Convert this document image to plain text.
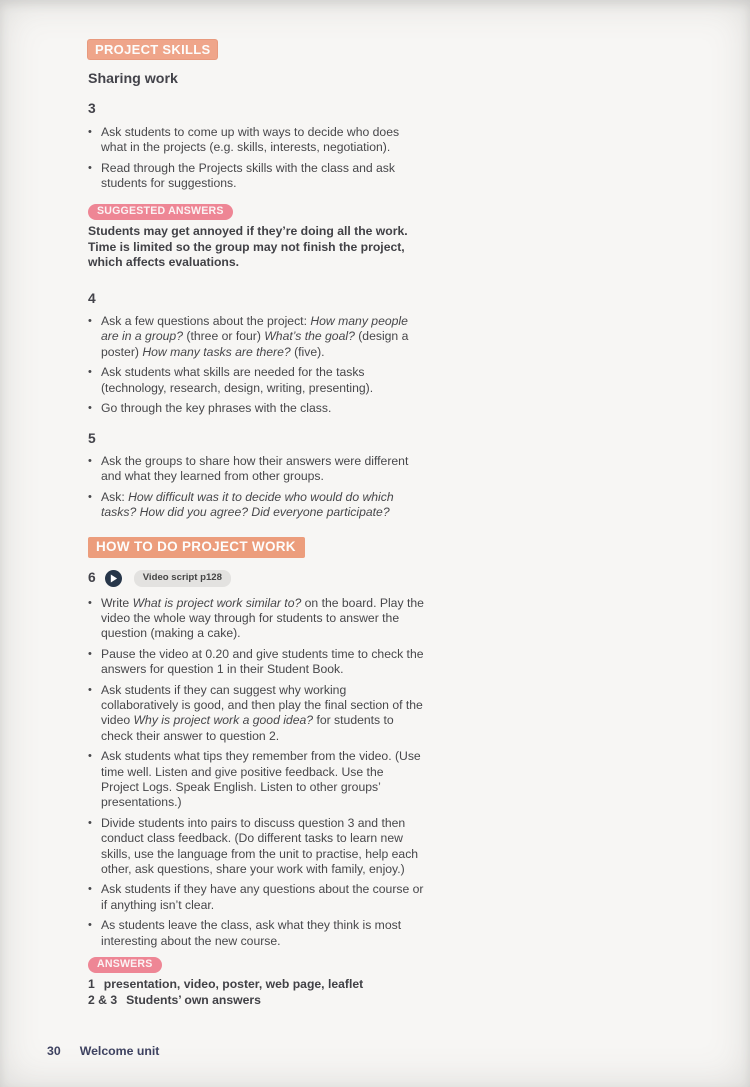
PROJECT SKILLS
Sharing work
3
• Ask students to come up with ways to decide who does what in the projects (e.g. skills, interests, negotiation).
• Read through the Projects skills with the class and ask students for suggestions.
SUGGESTED ANSWERS
Students may get annoyed if they’re doing all the work. Time is limited so the group may not finish the project, which affects evaluations.
4
• Ask a few questions about the project: How many people are in a group? (three or four) What’s the goal? (design a poster) How many tasks are there? (five).
• Ask students what skills are needed for the tasks (technology, research, design, writing, presenting).
• Go through the key phrases with the class.
5
• Ask the groups to share how their answers were different and what they learned from other groups.
• Ask: How difficult was it to decide who would do which tasks? How did you agree? Did everyone participate?
HOW TO DO PROJECT WORK
6	Video script p128
• Write What is project work similar to? on the board. Play the video the whole way through for students to answer the question (making a cake).
• Pause the video at 0.20 and give students time to check the answers for question 1 in their Student Book.
• Ask students if they can suggest why working collaboratively is good, and then play the final section of the video Why is project work a good idea? for students to check their answer to question 2.
• Ask students what tips they remember from the video. (Use time well. Listen and give positive feedback. Use the Project Logs. Speak English. Listen to other groups’ presentations.)
• Divide students into pairs to discuss question 3 and then conduct class feedback. (Do different tasks to learn new skills, use the language from the unit to practise, help each other, ask questions, share your work with family, enjoy.)
• Ask students if they have any questions about the course or if anything isn’t clear.
• As students leave the class, ask what they think is most interesting about the new course.
ANSWERS
1 presentation, video, poster, web page, leaflet
2 & 3 Students’ own answers
30 Welcome unit
